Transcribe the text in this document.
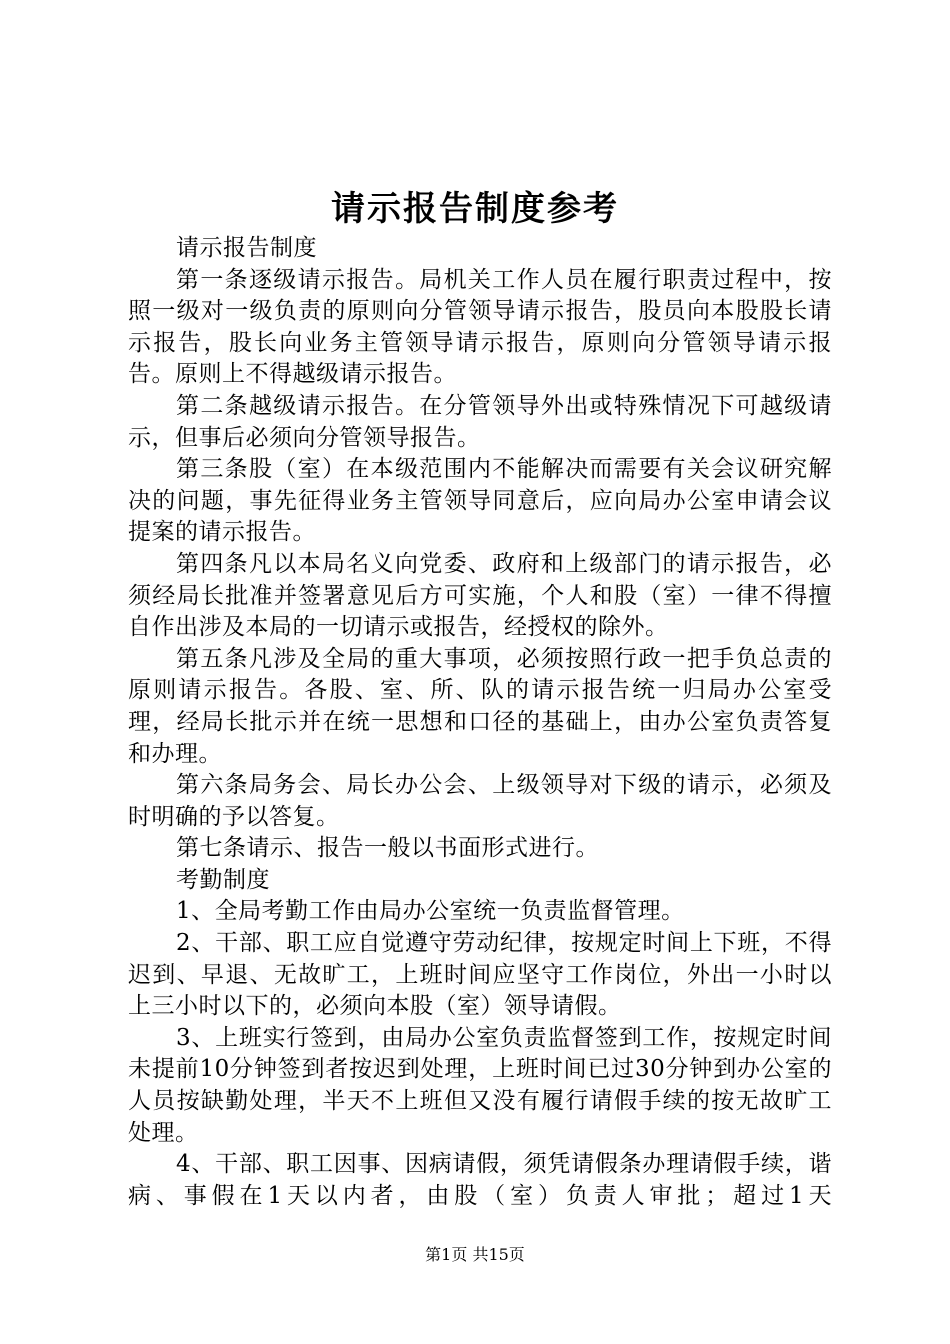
请示报告制度参考

请示报告制度

第一条逐级请示报告。局机关工作人员在履行职责过程中，按照一级对一级负责的原则向分管领导请示报告，股员向本股股长请示报告，股长向业务主管领导请示报告，原则向分管领导请示报告。原则上不得越级请示报告。

第二条越级请示报告。在分管领导外出或特殊情况下可越级请示，但事后必须向分管领导报告。

第三条股（室）在本级范围内不能解决而需要有关会议研究解决的问题，事先征得业务主管领导同意后，应向局办公室申请会议提案的请示报告。

第四条凡以本局名义向党委、政府和上级部门的请示报告，必须经局长批准并签署意见后方可实施，个人和股（室）一律不得擅自作出涉及本局的一切请示或报告，经授权的除外。

第五条凡涉及全局的重大事项，必须按照行政一把手负总责的原则请示报告。各股、室、所、队的请示报告统一归局办公室受理，经局长批示并在统一思想和口径的基础上，由办公室负责答复和办理。

第六条局务会、局长办公会、上级领导对下级的请示，必须及时明确的予以答复。

第七条请示、报告一般以书面形式进行。

考勤制度

1、全局考勤工作由局办公室统一负责监督管理。

2、干部、职工应自觉遵守劳动纪律，按规定时间上下班，不得迟到、早退、无故旷工，上班时间应坚守工作岗位，外出一小时以上三小时以下的，必须向本股（室）领导请假。

3、上班实行签到，由局办公室负责监督签到工作，按规定时间未提前10分钟签到者按迟到处理，上班时间已过30分钟到办公室的人员按缺勤处理，半天不上班但又没有履行请假手续的按无故旷工处理。

4、干部、职工因事、因病请假，须凭请假条办理请假手续，谐病、事假在1天以内者，由股（室）负责人审批；超过1天

第1页 共15页
